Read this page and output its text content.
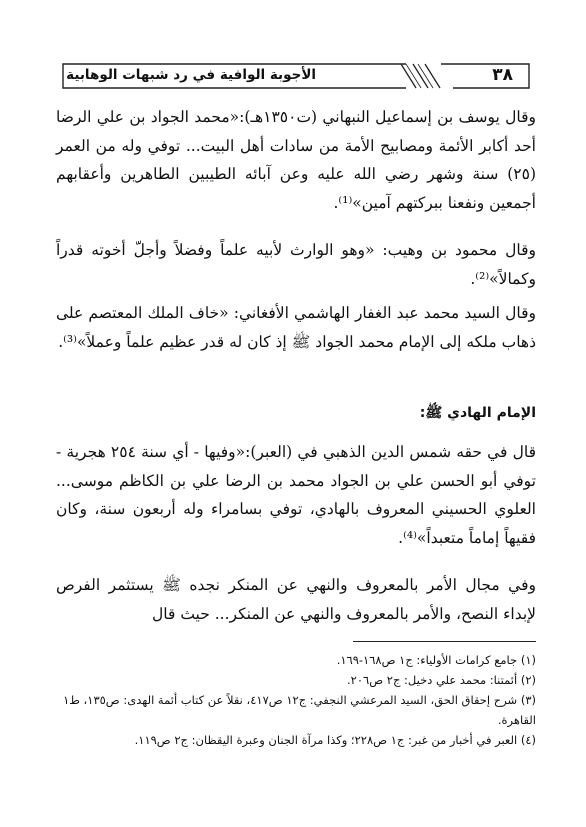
٣٨
الأجوبة الوافية في رد شبهات الوهابية

وقال يوسف بن إسماعيل النبهاني (ت١٣٥٠هـ):«محمد الجواد بن علي الرضا أحد أكابر الأئمة ومصابيح الأمة من سادات أهل البيت... توفي وله من العمر (٢٥) سنة وشهر رضي الله عليه وعن آبائه الطيبين الطاهرين وأعقابهم أجمعين ونفعنا ببركتهم آمين»⁽¹⁾.

وقال محمود بن وهيب: «وهو الوارث لأبيه علماً وفضلاً وأجلّ أخوته قدراً وكمالاً»⁽²⁾.

وقال السيد محمد عبد الغفار الهاشمي الأفغاني: «خاف الملك المعتصم على ذهاب ملكه إلى الإمام محمد الجواد ﷺ إذ كان له قدر عظيم علماً وعملاً»⁽³⁾.

الإمام الهادي ﷺ:

قال في حقه شمس الدين الذهبي في (العبر):«وفيها - أي سنة ٢٥٤ هجرية - توفي أبو الحسن علي بن الجواد محمد بن الرضا علي بن الكاظم موسى... العلوي الحسيني المعروف بالهادي، توفي بسامراء وله أربعون سنة، وكان فقيهاً إماماً متعبداً»⁽⁴⁾.

وفي مجال الأمر بالمعروف والنهي عن المنكر نجده ﷺ يستثمر الفرص لإبداء النصح، والأمر بالمعروف والنهي عن المنكر... حيث قال

(١) جامع كرامات الأولياء: ج١ ص١٦٨-١٦٩.

(٢) أئمتنا: محمد علي دخيل: ج٢ ص٢٠٦.

(٣) شرح إحقاق الحق، السيد المرعشي النجفي: ج١٢ ص٤١٧، نقلاً عن كتاب أئمة الهدى: ص١٣٥، ط١ القاهرة.

(٤) العبر في أخبار من غبر: ج١ ص٢٢٨؛ وكذا مرآة الجنان وعبرة اليقظان: ج٢ ص١١٩.
